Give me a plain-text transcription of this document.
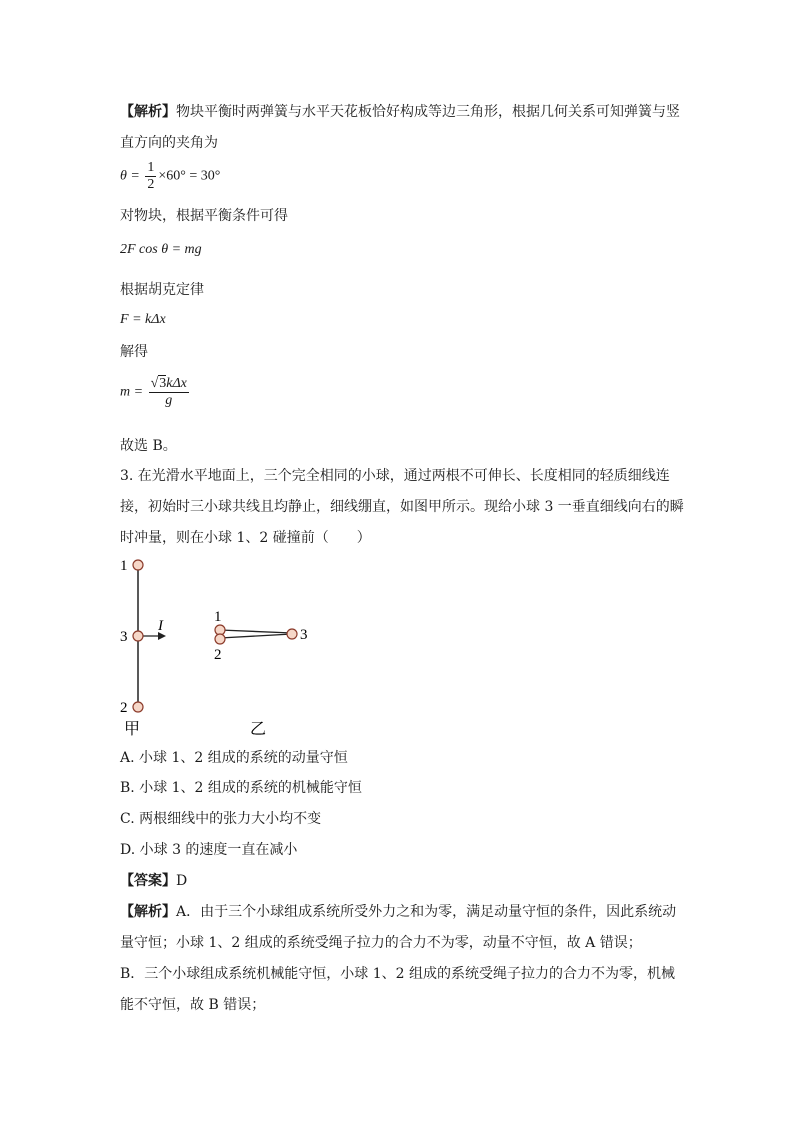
【解析】物块平衡时两弹簧与水平天花板恰好构成等边三角形，根据几何关系可知弹簧与竖
直方向的夹角为
$\theta = \frac{1}{2} \times 60^\circ = 30^\circ$
对物块，根据平衡条件可得
2F cos θ = mg
根据胡克定律
F = kΔx
解得
$m = \frac{\text{√3kΔx}}{g}$
故选 B。
3. 在光滑水平地面上，三个完全相同的小球，通过两根不可伸长、长度相同的轻质细线连
接，初始时三小球共线且均静止，细线绷直，如图甲所示。现给小球 3 一垂直细线向右的瞬
时冲量，则在小球 1、2 碰撞前（　　）
1
3
2
I
甲
1
2
3
乙
A. 小球 1、2 组成的系统的动量守恒
B. 小球 1、2 组成的系统的机械能守恒
C. 两根细线中的张力大小均不变
D. 小球 3 的速度一直在减小
【答案】D
【解析】A．由于三个小球组成系统所受外力之和为零，满足动量守恒的条件，因此系统动
量守恒；小球 1、2 组成的系统受绳子拉力的合力不为零，动量不守恒，故 A 错误；
B．三个小球组成系统机械能守恒，小球 1、2 组成的系统受绳子拉力的合力不为零，机械
能不守恒，故 B 错误；
